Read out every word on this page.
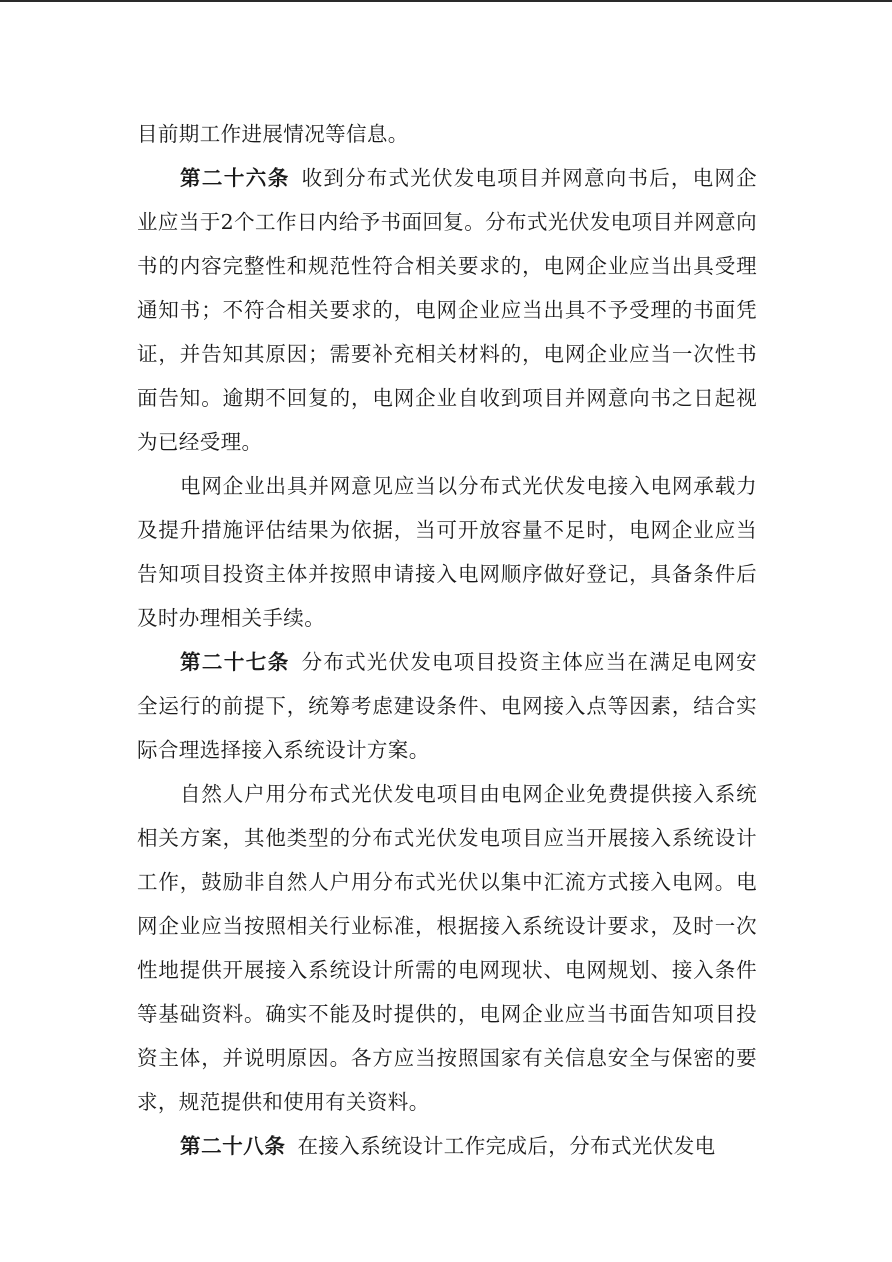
目前期工作进展情况等信息。

第二十六条 收到分布式光伏发电项目并网意向书后，电网企业应当于2个工作日内给予书面回复。分布式光伏发电项目并网意向书的内容完整性和规范性符合相关要求的，电网企业应当出具受理通知书；不符合相关要求的，电网企业应当出具不予受理的书面凭证，并告知其原因；需要补充相关材料的，电网企业应当一次性书面告知。逾期不回复的，电网企业自收到项目并网意向书之日起视为已经受理。

电网企业出具并网意见应当以分布式光伏发电接入电网承载力及提升措施评估结果为依据，当可开放容量不足时，电网企业应当告知项目投资主体并按照申请接入电网顺序做好登记，具备条件后及时办理相关手续。

第二十七条 分布式光伏发电项目投资主体应当在满足电网安全运行的前提下，统筹考虑建设条件、电网接入点等因素，结合实际合理选择接入系统设计方案。

自然人户用分布式光伏发电项目由电网企业免费提供接入系统相关方案，其他类型的分布式光伏发电项目应当开展接入系统设计工作，鼓励非自然人户用分布式光伏以集中汇流方式接入电网。电网企业应当按照相关行业标准，根据接入系统设计要求，及时一次性地提供开展接入系统设计所需的电网现状、电网规划、接入条件等基础资料。确实不能及时提供的，电网企业应当书面告知项目投资主体，并说明原因。各方应当按照国家有关信息安全与保密的要求，规范提供和使用有关资料。

第二十八条 在接入系统设计工作完成后，分布式光伏发电
